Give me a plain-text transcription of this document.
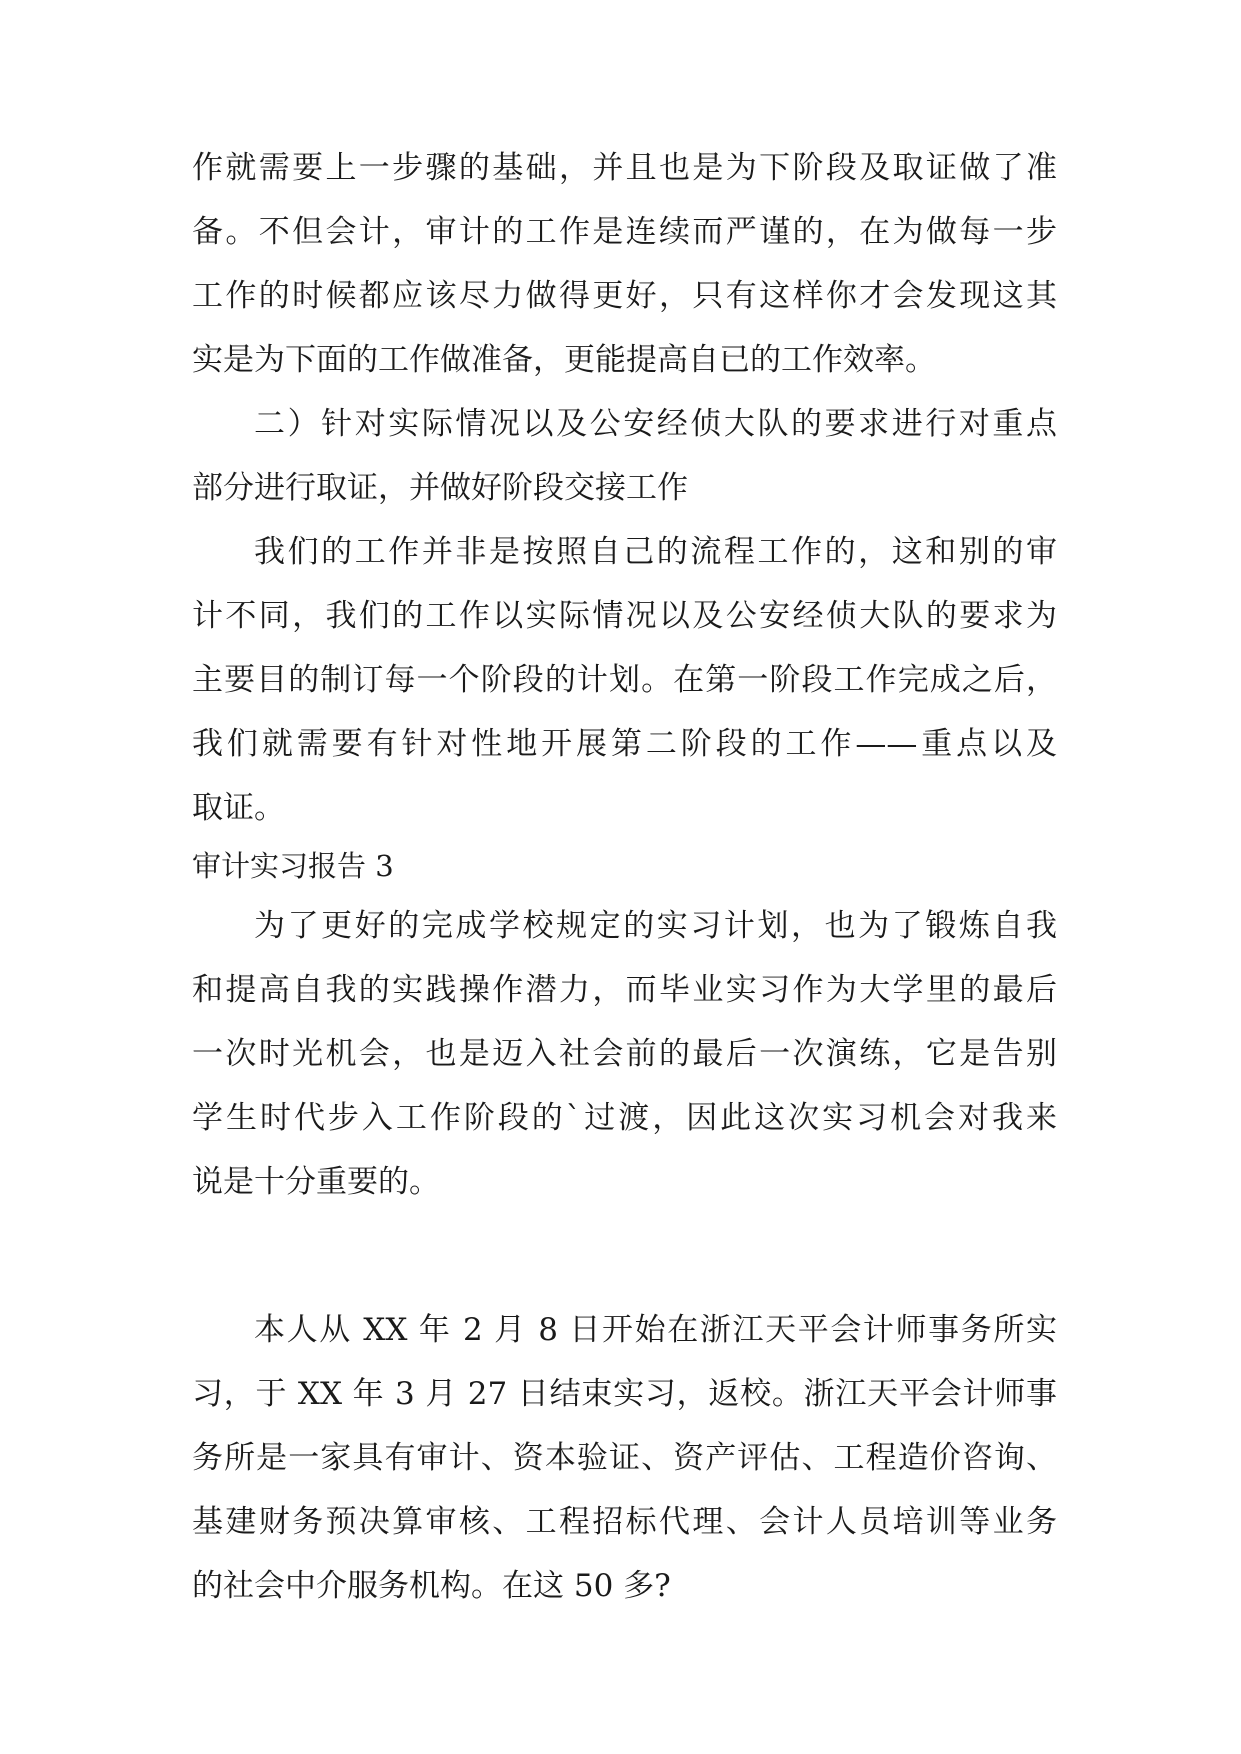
作就需要上一步骤的基础，并且也是为下阶段及取证做了准
备。不但会计，审计的工作是连续而严谨的，在为做每一步
工作的时候都应该尽力做得更好，只有这样你才会发现这其
实是为下面的工作做准备，更能提高自已的工作效率。
二）针对实际情况以及公安经侦大队的要求进行对重点
部分进行取证，并做好阶段交接工作
我们的工作并非是按照自己的流程工作的，这和别的审
计不同，我们的工作以实际情况以及公安经侦大队的要求为
主要目的制订每一个阶段的计划。在第一阶段工作完成之后，
我们就需要有针对性地开展第二阶段的工作——重点以及
取证。
审计实习报告 3
为了更好的完成学校规定的实习计划，也为了锻炼自我
和提高自我的实践操作潜力，而毕业实习作为大学里的最后
一次时光机会，也是迈入社会前的最后一次演练，它是告别
学生时代步入工作阶段的`过渡，因此这次实习机会对我来
说是十分重要的。
本人从 XX 年 2 月 8 日开始在浙江天平会计师事务所实
习，于 XX 年 3 月 27 日结束实习，返校。浙江天平会计师事
务所是一家具有审计、资本验证、资产评估、工程造价咨询、
基建财务预决算审核、工程招标代理、会计人员培训等业务
的社会中介服务机构。在这 50 多?
